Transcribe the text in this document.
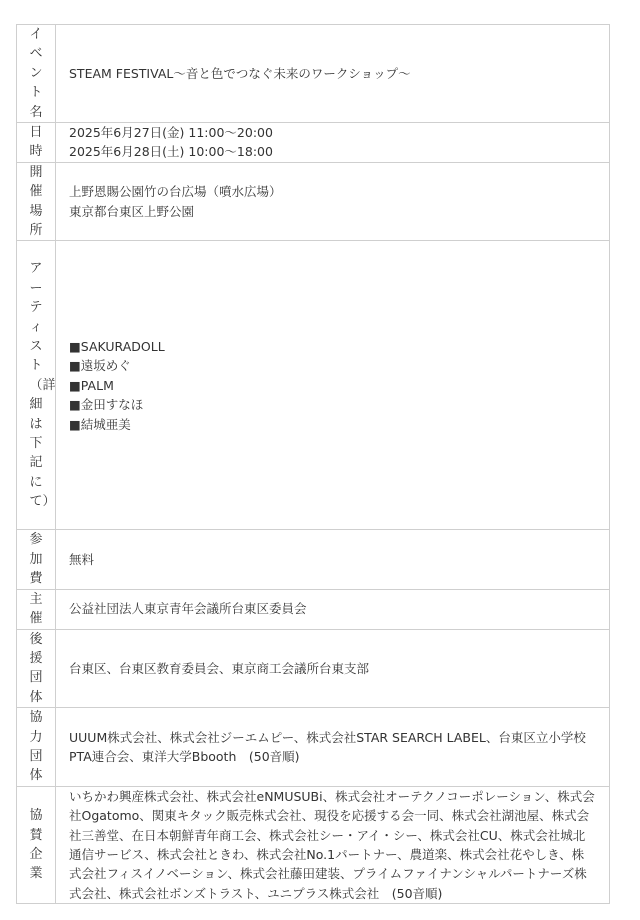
イベント名	STEAM FESTIVAL～音と色でつなぐ未来のワークショップ～

日時	2025年6月27日(金) 11:00～20:00
2025年6月28日(土) 10:00～18:00

開催場所	上野恩賜公園竹の台広場（噴水広場）
東京都台東区上野公園

アーティスト（詳細は下記にて）	■SAKURADOLL
■遠坂めぐ
■PALM
■金田すなほ
■結城亜美

参加費	無料

主催	公益社団法人東京青年会議所台東区委員会

後援団体	台東区、台東区教育委員会、東京商工会議所台東支部

協力団体	UUUM株式会社、株式会社ジーエムピー、株式会社STAR SEARCH LABEL、台東区立小学校PTA連合会、東洋大学Bbooth　(50音順)

協賛企業	いちかわ興産株式会社、株式会社eNMUSUBi、株式会社オーテクノコーポレーション、株式会社Ogatomo、関東キタック販売株式会社、現役を応援する会一同、株式会社湖池屋、株式会社三善堂、在日本朝鮮青年商工会、株式会社シー・アイ・シー、株式会社CU、株式会社城北通信サービス、株式会社ときわ、株式会社No.1パートナー、農道楽、株式会社花やしき、株式会社フィスイノベーション、株式会社藤田建装、プライムファイナンシャルパートナーズ株式会社、株式会社ボンズトラスト、ユニプラス株式会社　(50音順)
